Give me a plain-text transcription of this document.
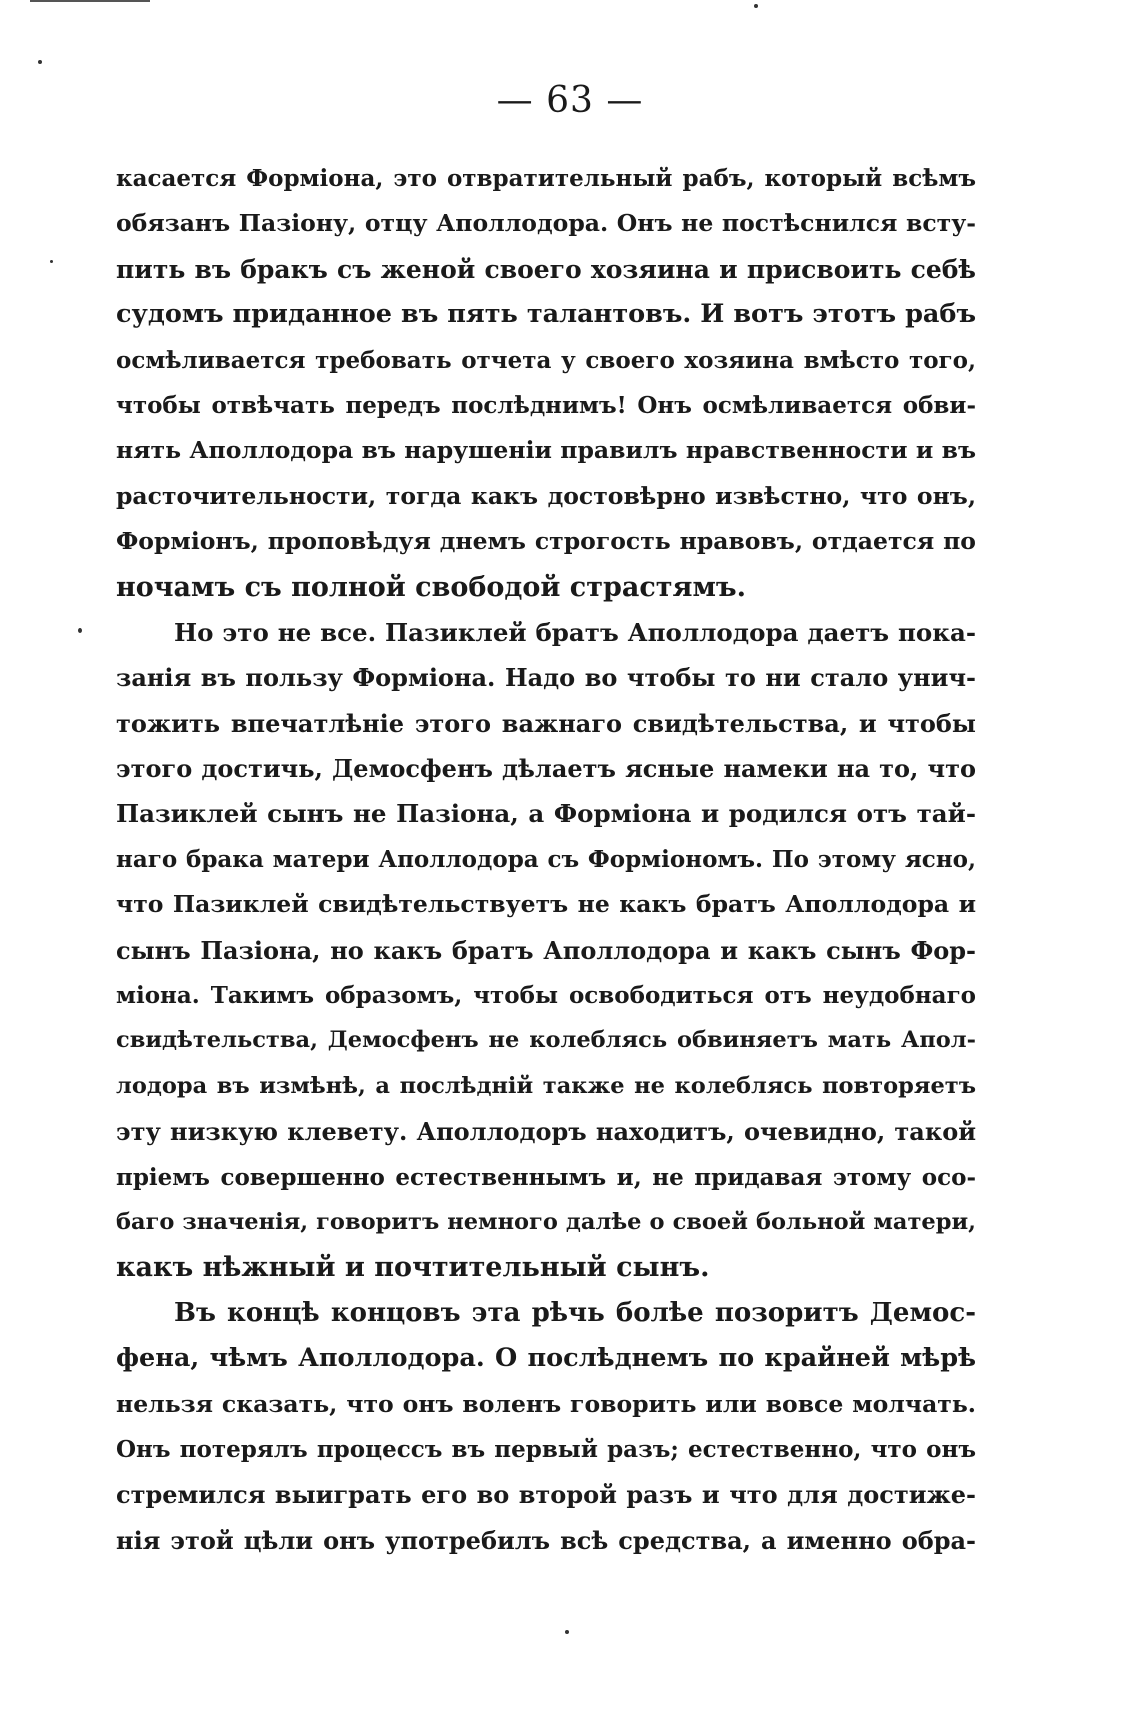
— 63 —
касается Форміона, это отвратительный рабъ, который всѣмъ
обязанъ Пазіону, отцу Аполлодора. Онъ не постѣснился всту-
пить въ бракъ съ женой своего хозяина и присвоить себѣ
судомъ приданное въ пять талантовъ. И вотъ этотъ рабъ
осмѣливается требовать отчета у своего хозяина вмѣсто того,
чтобы отвѣчать передъ послѣднимъ! Онъ осмѣливается обви-
нять Аполлодора въ нарушеніи правилъ нравственности и въ
расточительности, тогда какъ достовѣрно извѣстно, что онъ,
Форміонъ, проповѣдуя днемъ строгость нравовъ, отдается по
ночамъ съ полной свободой страстямъ.
Но это не все. Пазиклей братъ Аполлодора даетъ пока-
занія въ пользу Форміона. Надо во чтобы то ни стало унич-
тожить впечатлѣніе этого важнаго свидѣтельства, и чтобы
этого достичь, Демосфенъ дѣлаетъ ясные намеки на то, что
Пазиклей сынъ не Пазіона, а Форміона и родился отъ тай-
наго брака матери Аполлодора съ Форміономъ. По этому ясно,
что Пазиклей свидѣтельствуетъ не какъ братъ Аполлодора и
сынъ Пазіона, но какъ братъ Аполлодора и какъ сынъ Фор-
міона. Такимъ образомъ, чтобы освободиться отъ неудобнаго
свидѣтельства, Демосфенъ не колеблясь обвиняетъ мать Апол-
лодора въ измѣнѣ, а послѣдній также не колеблясь повторяетъ
эту низкую клевету. Аполлодоръ находитъ, очевидно, такой
пріемъ совершенно естественнымъ и, не придавая этому осо-
баго значенія, говоритъ немного далѣе о своей больной матери,
какъ нѣжный и почтительный сынъ.
Въ концѣ концовъ эта рѣчь болѣе позоритъ Демос-
фена, чѣмъ Аполлодора. О послѣднемъ по крайней мѣрѣ
нельзя сказать, что онъ воленъ говорить или вовсе молчать.
Онъ потерялъ процессъ въ первый разъ; естественно, что онъ
стремился выиграть его во второй разъ и что для достиже-
нія этой цѣли онъ употребилъ всѣ средства, а именно обра-
